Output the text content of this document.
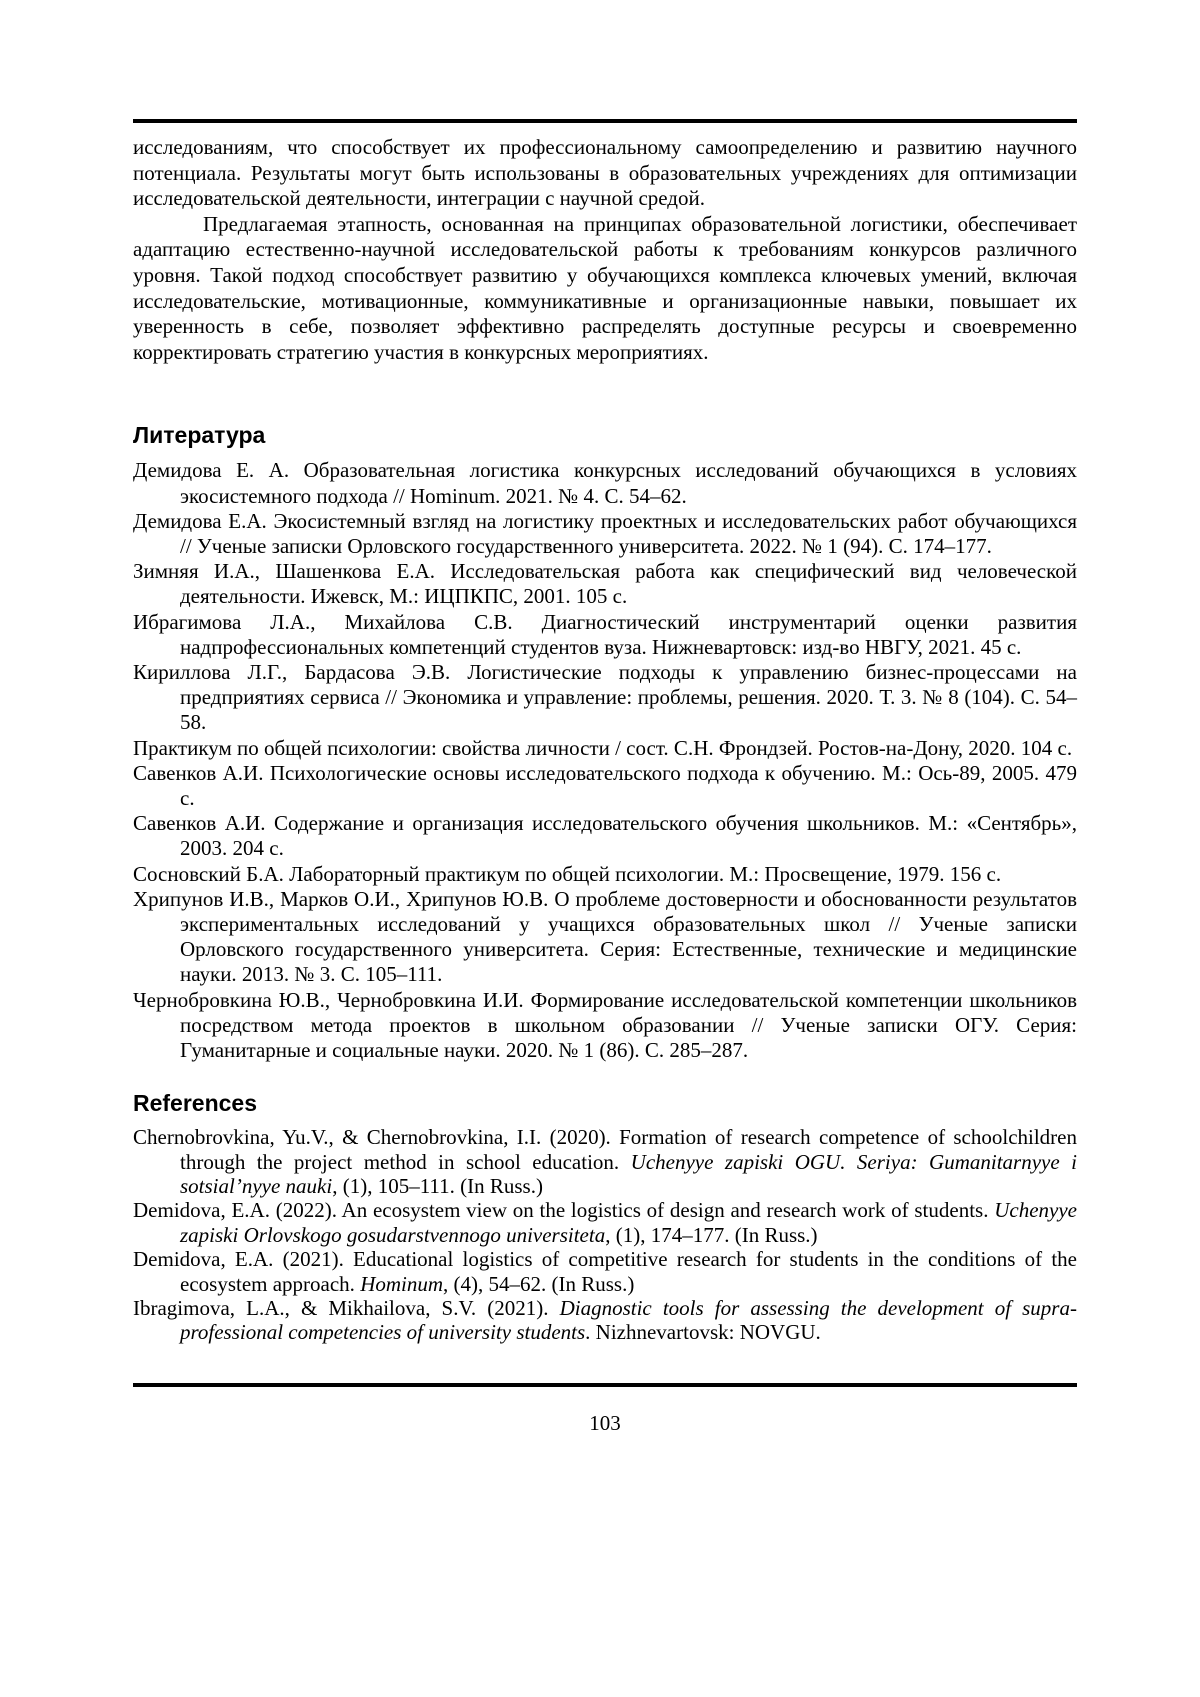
исследованиям, что способствует их профессиональному самоопределению и развитию научного потенциала. Результаты могут быть использованы в образовательных учреждениях для оптимизации исследовательской деятельности, интеграции с научной средой.

Предлагаемая этапность, основанная на принципах образовательной логистики, обеспечивает адаптацию естественно-научной исследовательской работы к требованиям конкурсов различного уровня. Такой подход способствует развитию у обучающихся комплекса ключевых умений, включая исследовательские, мотивационные, коммуникативные и организационные навыки, повышает их уверенность в себе, позволяет эффективно распределять доступные ресурсы и своевременно корректировать стратегию участия в конкурсных мероприятиях.

Литература
Демидова Е. А. Образовательная логистика конкурсных исследований обучающихся в условиях экосистемного подхода // Hominum. 2021. № 4. С. 54–62.
Демидова Е.А. Экосистемный взгляд на логистику проектных и исследовательских работ обучающихся // Ученые записки Орловского государственного университета. 2022. № 1 (94). С. 174–177.
Зимняя И.А., Шашенкова Е.А. Исследовательская работа как специфический вид человеческой деятельности. Ижевск, М.: ИЦПКПС, 2001. 105 с.
Ибрагимова Л.А., Михайлова С.В. Диагностический инструментарий оценки развития надпрофессиональных компетенций студентов вуза. Нижневартовск: изд-во НВГУ, 2021. 45 с.
Кириллова Л.Г., Бардасова Э.В. Логистические подходы к управлению бизнес-процессами на предприятиях сервиса // Экономика и управление: проблемы, решения. 2020. Т. 3. № 8 (104). С. 54–58.
Практикум по общей психологии: свойства личности / сост. С.Н. Фрондзей. Ростов-на-Дону, 2020. 104 с.
Савенков А.И. Психологические основы исследовательского подхода к обучению. М.: Ось-89, 2005. 479 с.
Савенков А.И. Содержание и организация исследовательского обучения школьников. М.: «Сентябрь», 2003. 204 с.
Сосновский Б.А. Лабораторный практикум по общей психологии. М.: Просвещение, 1979. 156 с.
Хрипунов И.В., Марков О.И., Хрипунов Ю.В. О проблеме достоверности и обоснованности результатов экспериментальных исследований у учащихся образовательных школ // Ученые записки Орловского государственного университета. Серия: Естественные, технические и медицинские науки. 2013. № 3. С. 105–111.
Чернобровкина Ю.В., Чернобровкина И.И. Формирование исследовательской компетенции школьников посредством метода проектов в школьном образовании // Ученые записки ОГУ. Серия: Гуманитарные и социальные науки. 2020. № 1 (86). С. 285–287.
References
Chernobrovkina, Yu.V., & Chernobrovkina, I.I. (2020). Formation of research competence of schoolchildren through the project method in school education. Uchenyye zapiski OGU. Seriya: Gumanitarnyye i sotsial’nyye nauki, (1), 105–111. (In Russ.)
Demidova, E.A. (2022). An ecosystem view on the logistics of design and research work of students. Uchenyye zapiski Orlovskogo gosudarstvennogo universiteta, (1), 174–177. (In Russ.)
Demidova, E.A. (2021). Educational logistics of competitive research for students in the conditions of the ecosystem approach. Hominum, (4), 54–62. (In Russ.)
Ibragimova, L.A., & Mikhailova, S.V. (2021). Diagnostic tools for assessing the development of supra-professional competencies of university students. Nizhnevartovsk: NOVGU.
103
